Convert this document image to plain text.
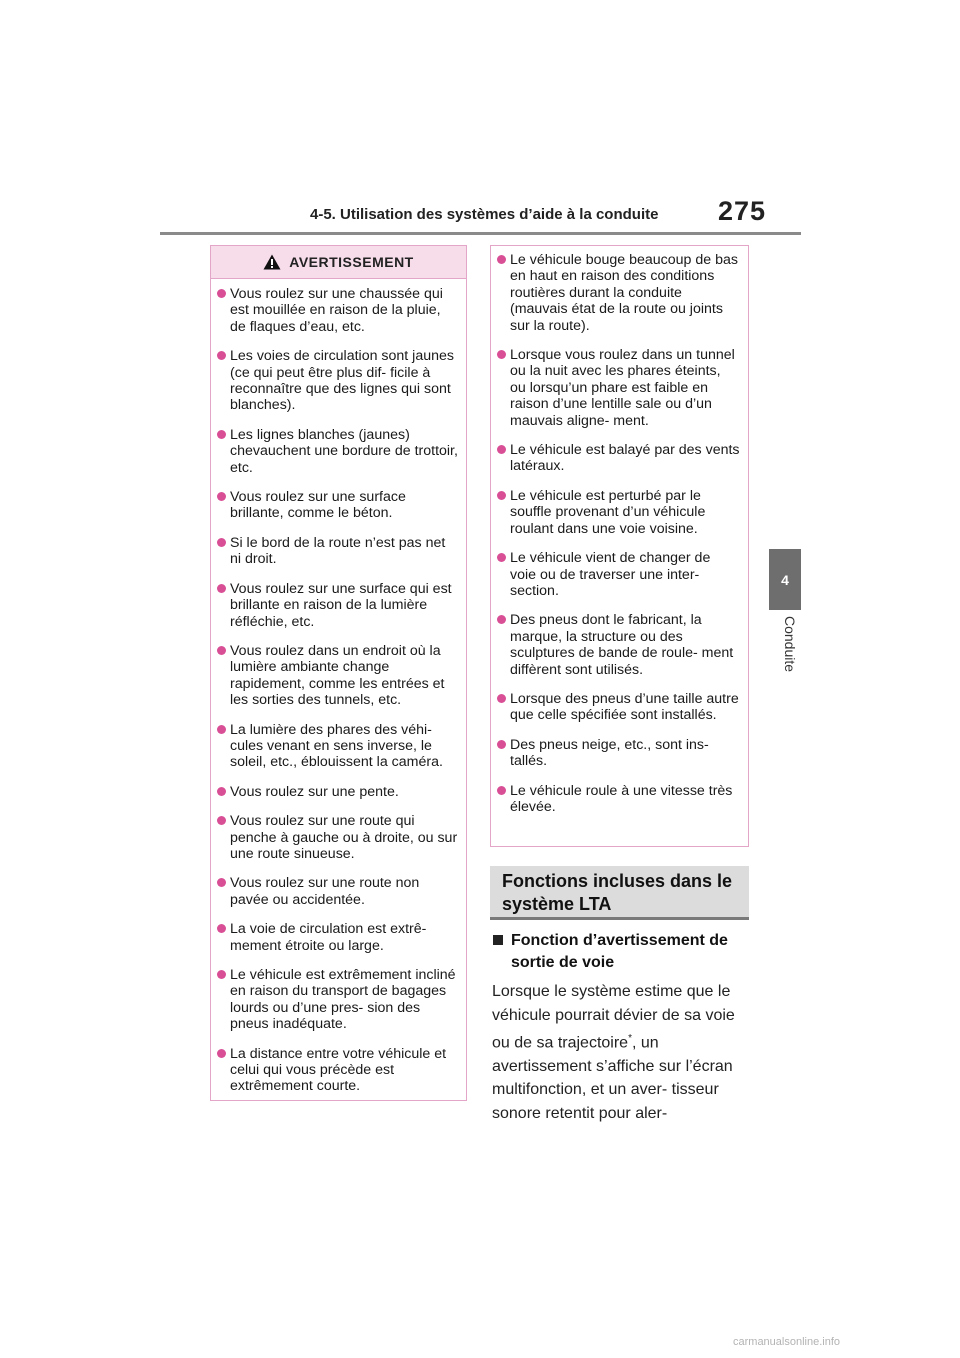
4-5. Utilisation des systèmes d’aide à la conduite 275
4
Conduite
AVERTISSEMENT
Vous roulez sur une chaussée qui est mouillée en raison de la pluie, de flaques d’eau, etc.
Les voies de circulation sont jaunes (ce qui peut être plus dif- ficile à reconnaître que des lignes qui sont blanches).
Les lignes blanches (jaunes) chevauchent une bordure de trottoir, etc.
Vous roulez sur une surface brillante, comme le béton.
Si le bord de la route n’est pas net ni droit.
Vous roulez sur une surface qui est brillante en raison de la lumière réfléchie, etc.
Vous roulez dans un endroit où la lumière ambiante change rapidement, comme les entrées et les sorties des tunnels, etc.
La lumière des phares des véhi- cules venant en sens inverse, le soleil, etc., éblouissent la caméra.
Vous roulez sur une pente.
Vous roulez sur une route qui penche à gauche ou à droite, ou sur une route sinueuse.
Vous roulez sur une route non pavée ou accidentée.
La voie de circulation est extrê- mement étroite ou large.
Le véhicule est extrêmement incliné en raison du transport de bagages lourds ou d’une pres- sion des pneus inadéquate.
La distance entre votre véhicule et celui qui vous précède est extrêmement courte.
Le véhicule bouge beaucoup de bas en haut en raison des conditions routières durant la conduite (mauvais état de la route ou joints sur la route).
Lorsque vous roulez dans un tunnel ou la nuit avec les phares éteints, ou lorsqu’un phare est faible en raison d’une lentille sale ou d’un mauvais aligne- ment.
Le véhicule est balayé par des vents latéraux.
Le véhicule est perturbé par le souffle provenant d’un véhicule roulant dans une voie voisine.
Le véhicule vient de changer de voie ou de traverser une inter- section.
Des pneus dont le fabricant, la marque, la structure ou des sculptures de bande de roule- ment diffèrent sont utilisés.
Lorsque des pneus d’une taille autre que celle spécifiée sont installés.
Des pneus neige, etc., sont ins- tallés.
Le véhicule roule à une vitesse très élevée.
Fonctions incluses dans le système LTA
Fonction d’avertissement de sortie de voie

Lorsque le système estime que le véhicule pourrait dévier de sa voie ou de sa trajectoire*, un avertissement s’affiche sur l’écran multifonction, et un aver- tisseur sonore retentit pour aler-

carmanualsonline.info
